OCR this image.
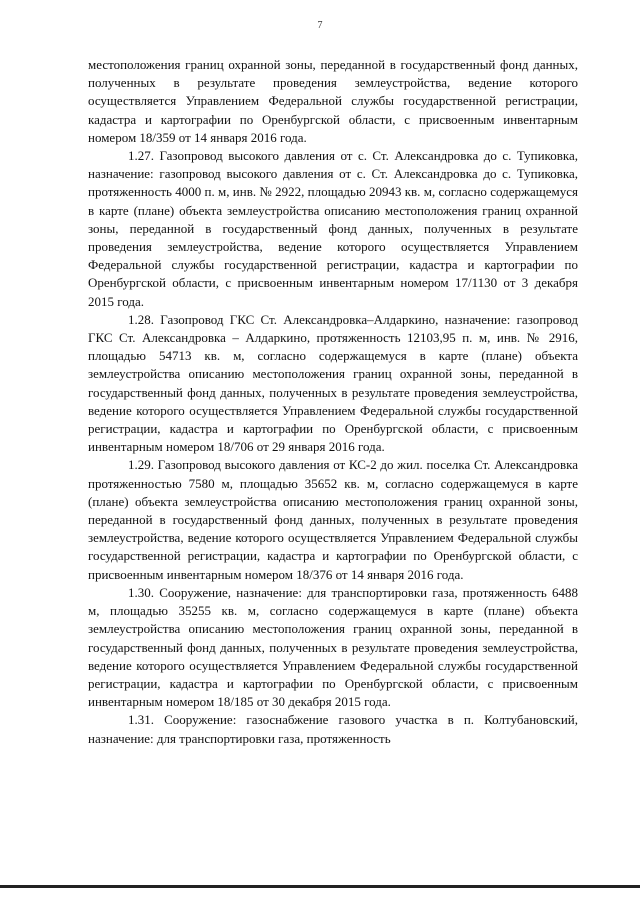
7

местоположения границ охранной зоны, переданной в государственный фонд данных, полученных в результате проведения землеустройства, ведение которого осуществляется Управлением Федеральной службы государственной регистрации, кадастра и картографии по Оренбургской области, с присвоенным инвентарным номером 18/359 от 14 января 2016 года.

1.27. Газопровод высокого давления от с. Ст. Александровка до с. Тупиковка, назначение: газопровод высокого давления от с. Ст. Александровка до с. Тупиковка, протяженность 4000 п. м, инв. № 2922, площадью 20943 кв. м, согласно содержащемуся в карте (плане) объекта землеустройства описанию местоположения границ охранной зоны, переданной в государственный фонд данных, полученных в результате проведения землеустройства, ведение которого осуществляется Управлением Федеральной службы государственной регистрации, кадастра и картографии по Оренбургской области, с присвоенным инвентарным номером 17/1130 от 3 декабря 2015 года.

1.28. Газопровод ГКС Ст. Александровка–Алдаркино, назначение: газопровод ГКС Ст. Александровка – Алдаркино, протяженность 12103,95 п. м, инв. № 2916, площадью 54713 кв. м, согласно содержащемуся в карте (плане) объекта землеустройства описанию местоположения границ охранной зоны, переданной в государственный фонд данных, полученных в результате проведения землеустройства, ведение которого осуществляется Управлением Федеральной службы государственной регистрации, кадастра и картографии по Оренбургской области, с присвоенным инвентарным номером 18/706 от 29 января 2016 года.

1.29. Газопровод высокого давления от КС-2 до жил. поселка Ст. Александровка протяженностью 7580 м, площадью 35652 кв. м, согласно содержащемуся в карте (плане) объекта землеустройства описанию местоположения границ охранной зоны, переданной в государственный фонд данных, полученных в результате проведения землеустройства, ведение которого осуществляется Управлением Федеральной службы государственной регистрации, кадастра и картографии по Оренбургской области, с присвоенным инвентарным номером 18/376 от 14 января 2016 года.

1.30. Сооружение, назначение: для транспортировки газа, протяженность 6488 м, площадью 35255 кв. м, согласно содержащемуся в карте (плане) объекта землеустройства описанию местоположения границ охранной зоны, переданной в государственный фонд данных, полученных в результате проведения землеустройства, ведение которого осуществляется Управлением Федеральной службы государственной регистрации, кадастра и картографии по Оренбургской области, с присвоенным инвентарным номером 18/185 от 30 декабря 2015 года.

1.31. Сооружение: газоснабжение газового участка в п. Колтубановский, назначение: для транспортировки газа, протяженность
